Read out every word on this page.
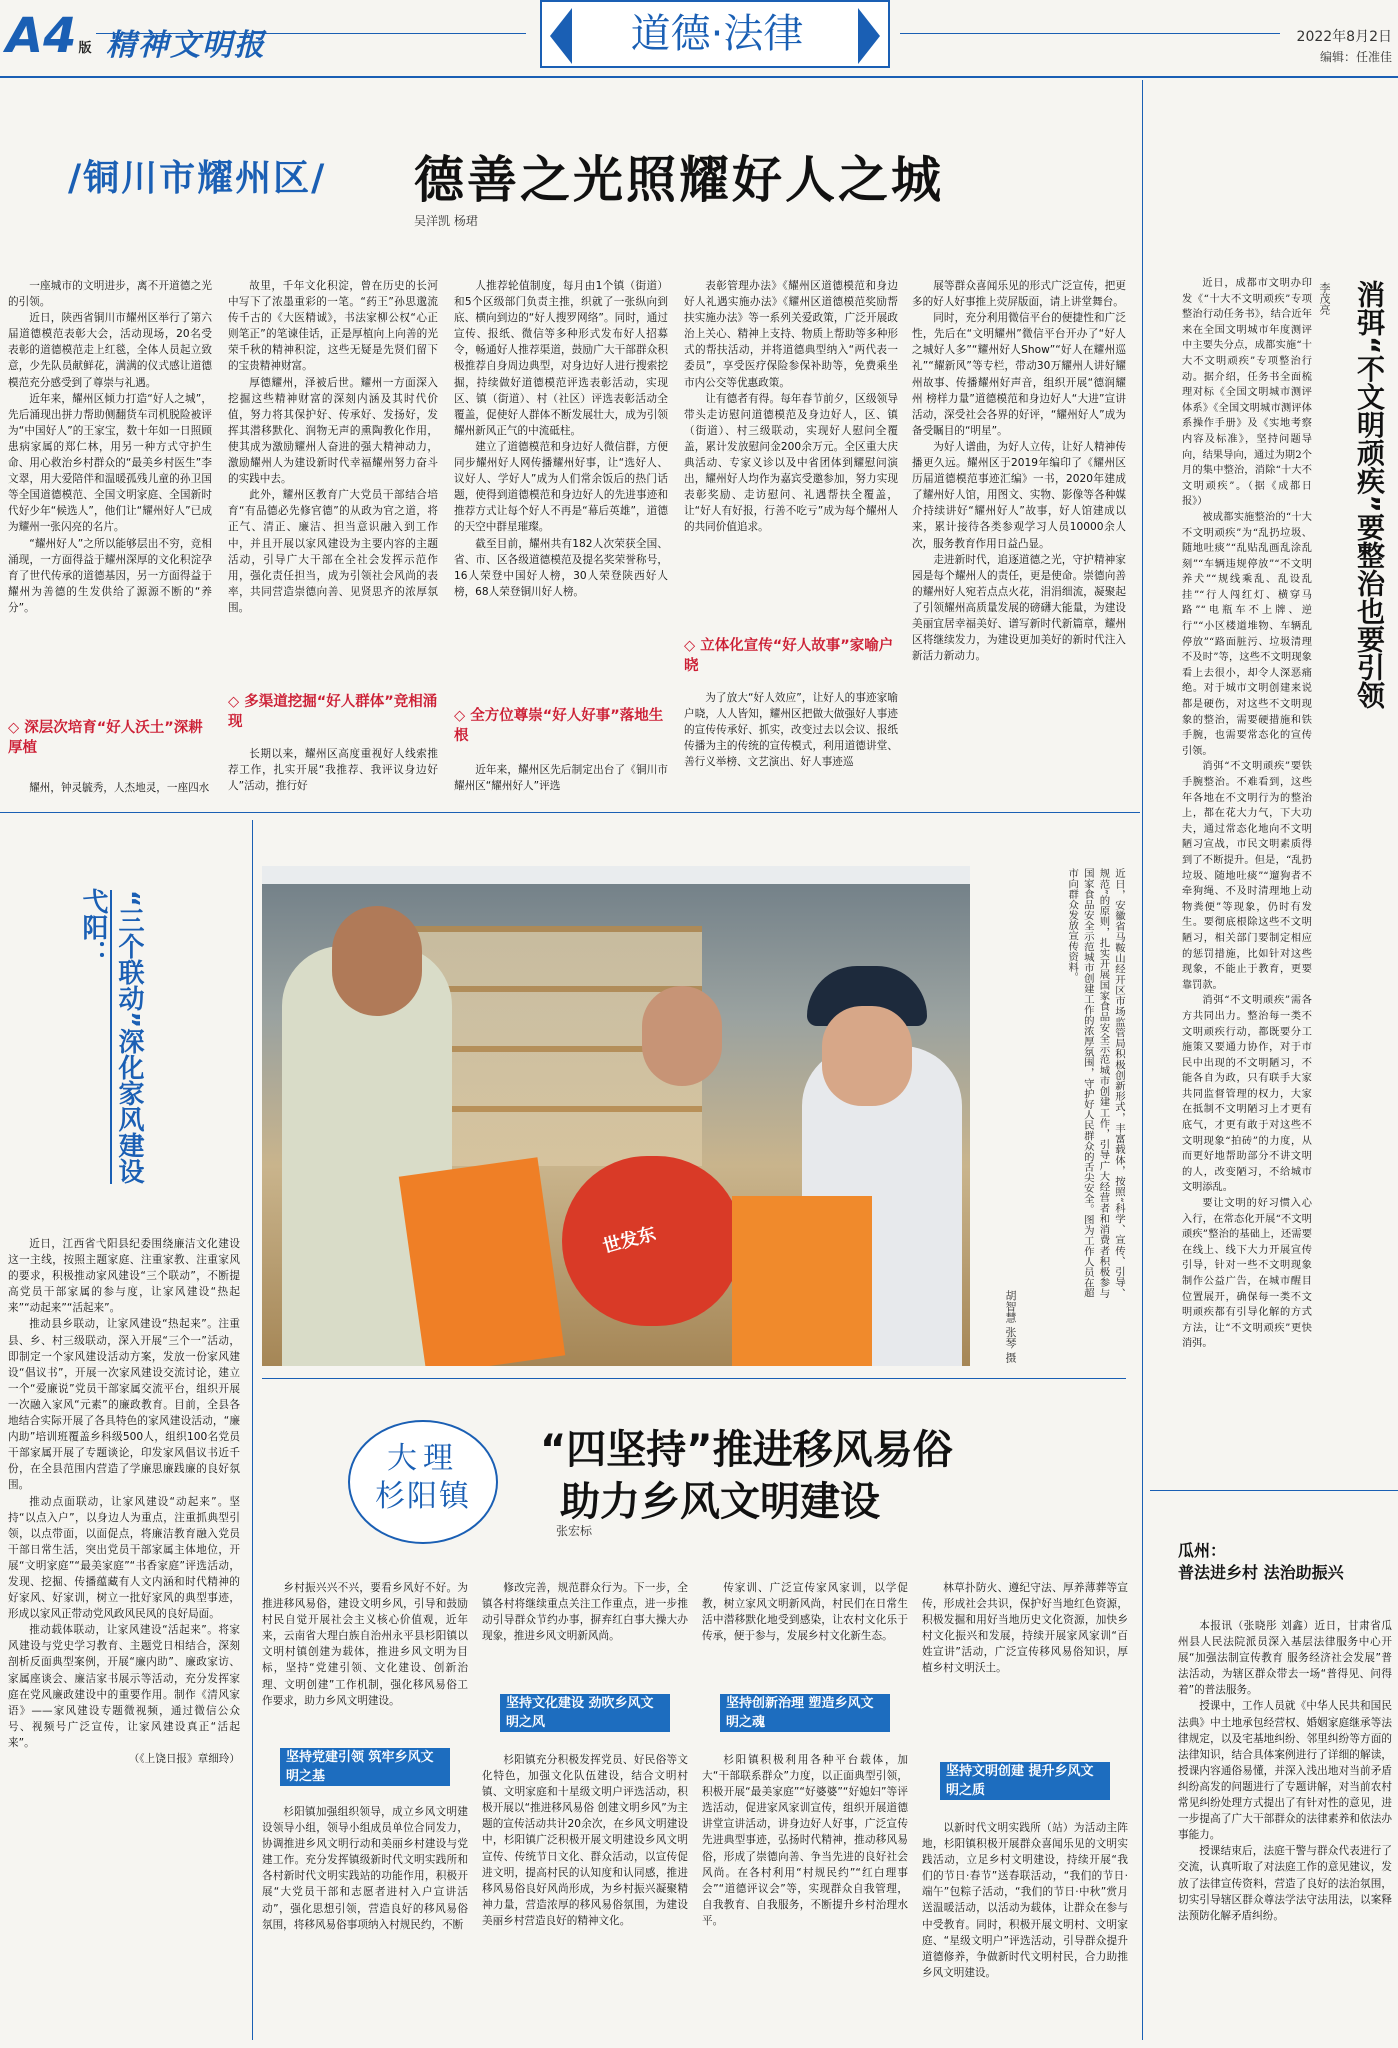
A4 版 精神文明报	道德·法律	2022年8月2日
编辑：任准佳
/铜川市耀州区/ 德善之光照耀好人之城
吴洋凯 杨珺

一座城市的文明进步，离不开道德之光的引领。

近日，陕西省铜川市耀州区举行了第六届道德模范表彰大会，活动现场，20名受表彰的道德模范走上红毯，全体人员起立致意，少先队员献鲜花，满满的仪式感让道德模范充分感受到了尊崇与礼遇。

近年来，耀州区倾力打造“好人之城”，先后涌现出拼力帮助侧翻货车司机脱险被评为“中国好人”的王家宝，数十年如一日照顾患病家属的郑仁林，用另一种方式守护生命、用心救治乡村群众的“最美乡村医生”李文翠，用大爱陪伴和温暖孤残儿童的孙卫国等全国道德模范、全国文明家庭、全国新时代好少年“候选人”，他们让“耀州好人”已成为耀州一张闪亮的名片。

“耀州好人”之所以能够层出不穷，竞相涌现，一方面得益于耀州深厚的文化积淀孕育了世代传承的道德基因，另一方面得益于耀州为善德的生发供给了源源不断的“养分”。

◇ 深层次培育“好人沃土”深耕厚植

耀州，钟灵毓秀，人杰地灵，一座四水

故里，千年文化积淀，曾在历史的长河中写下了浓墨重彩的一笔。“药王”孙思邈流传千古的《大医精诚》，书法家柳公权“心正则笔正”的笔谏佳话，正是厚植向上向善的光荣千秋的精神积淀，这些无疑是先贤们留下的宝贵精神财富。

厚德耀州，泽被后世。耀州一方面深入挖掘这些精神财富的深刻内涵及其时代价值，努力将其保护好、传承好、发扬好，发挥其潜移默化、润物无声的熏陶教化作用，使其成为激励耀州人奋进的强大精神动力，激励耀州人为建设新时代幸福耀州努力奋斗的实践中去。

此外，耀州区教育广大党员干部结合培育“有品德必先修官德”的从政为官之道，将正气、清正、廉洁、担当意识融入到工作中，并且开展以家风建设为主要内容的主题活动，引导广大干部在全社会发挥示范作用，强化责任担当，成为引领社会风尚的表率，共同营造崇德向善、见贤思齐的浓厚氛围。

◇ 多渠道挖掘“好人群体”竞相涌现

长期以来，耀州区高度重视好人线索推荐工作，扎实开展“我推荐、我评议身边好人”活动，推行好

人推荐轮值制度，每月由1个镇（街道）和5个区级部门负责主推，织就了一张纵向到底、横向到边的“好人搜罗网络”。同时，通过宣传、报纸、微信等多种形式发布好人招募令，畅通好人推荐渠道，鼓励广大干部群众积极推荐自身周边典型，对身边好人进行搜索挖掘，持续做好道德模范评选表彰活动，实现区、镇（街道）、村（社区）评选表彰活动全覆盖，促使好人群体不断发展壮大，成为引领耀州新风正气的中流砥柱。

建立了道德模范和身边好人微信群，方便同步耀州好人网传播耀州好事，让“选好人、议好人、学好人”成为人们常余饭后的热门话题，使得到道德模范和身边好人的先进事迹和推荐方式让每个好人不再是“幕后英雄”，道德的天空中群星璀璨。

截至目前，耀州共有182人次荣获全国、省、市、区各级道德模范及提名奖荣誉称号，16人荣登中国好人榜，30人荣登陕西好人榜，68人荣登铜川好人榜。

◇ 全方位尊崇“好人好事”落地生根

近年来，耀州区先后制定出台了《铜川市耀州区“耀州好人”评选

表彰管理办法》《耀州区道德模范和身边好人礼遇实施办法》《耀州区道德模范奖励帮扶实施办法》等一系列关爱政策，广泛开展政治上关心、精神上支持、物质上帮助等多种形式的帮扶活动，并将道德典型纳入“两代表一委员”，享受医疗保险参保补助等，免费乘坐市内公交等优惠政策。

让有德者有得。每年春节前夕，区级领导带头走访慰问道德模范及身边好人，区、镇（街道）、村三级联动，实现好人慰问全覆盖，累计发放慰问金200余万元。全区重大庆典活动、专家义诊以及中省团体到耀慰问演出，耀州好人均作为嘉宾受邀参加，努力实现表彰奖励、走访慰问、礼遇帮扶全覆盖，让“好人有好报，行善不吃亏”成为每个耀州人的共同价值追求。

◇ 立体化宣传“好人故事”家喻户晓

为了放大“好人效应”，让好人的事迹家喻户晓，人人皆知，耀州区把做大做强好人事迹的宣传传承好、抓实，改变过去以会议、报纸传播为主的传统的宣传模式，利用道德讲堂、善行义举榜、文艺演出、好人事迹巡

展等群众喜闻乐见的形式广泛宣传，把更多的好人好事推上荧屏版面，请上讲堂舞台。

同时，充分利用微信平台的便捷性和广泛性，先后在“文明耀州”微信平台开办了“好人之城好人多”“耀州好人Show”“好人在耀州巡礼”“耀新风”等专栏，带动30万耀州人讲好耀州故事、传播耀州好声音，组织开展“德润耀州 榜样力量”道德模范和身边好人“大进”宣讲活动，深受社会各界的好评，“耀州好人”成为备受瞩目的“明星”。

为好人谱曲，为好人立传，让好人精神传播更久远。耀州区于2019年编印了《耀州区历届道德模范事迹汇编》一书，2020年建成了耀州好人馆，用图文、实物、影像等各种媒介持续讲好“耀州好人”故事，好人馆建成以来，累计接待各类参观学习人员10000余人次，服务教育作用日益凸显。

走进新时代，追逐道德之光，守护精神家园是每个耀州人的责任，更是使命。崇德向善的耀州好人宛若点点火花，涓涓细流，凝聚起了引领耀州高质量发展的磅礴大能量，为建设美丽宜居幸福美好、谱写新时代新篇章，耀州区将继续发力，为建设更加美好的新时代注入新活力新动力。	消弭“不文明顽疾”要整治也要引领
李茂亮

近日，成都市文明办印发《“十大不文明顽疾”专项整治行动任务书》，结合近年来在全国文明城市年度测评中主要失分点，成都实施“十大不文明顽疾”专项整治行动。据介绍，任务书全面梳理对标《全国文明城市测评体系》《全国文明城市测评体系操作手册》及《实地考察内容及标准》，坚持问题导向，结果导向，通过为期2个月的集中整治，消除“十大不文明顽疾”。（据《成都日报》）

被成都实施整治的“十大不文明顽疾”为“乱扔垃圾、随地吐痰”“乱贴乱画乱涂乱刻”“车辆违规停放”“不文明养犬”“规线乘乱、乱设乱挂”“行人闯红灯、横穿马路”“电瓶车不上牌、逆行”“小区楼道堆物、车辆乱停放”“路面脏污、垃圾清理不及时”等，这些不文明现象看上去很小，却令人深恶痛绝。对于城市文明创建来说都是硬伤，对这些不文明现象的整治，需要硬措施和铁手腕，也需要常态化的宣传引领。

消弭“不文明顽疾”要铁手腕整治。不难看到，这些年各地在不文明行为的整治上，都在花大力气，下大功夫，通过常态化地向不文明陋习宣战，市民文明素质得到了不断提升。但是，“乱扔垃圾、随地吐痰”“遛狗者不牵狗绳、不及时清理地上动物粪便”等现象，仍时有发生。要彻底根除这些不文明陋习，相关部门要制定相应的惩罚措施，比如针对这些现象，不能止于教育，更要靠罚款。

消弭“不文明顽疾”需各方共同出力。整治每一类不文明顽疾行动，都既要分工施策又要通力协作，对于市民中出现的不文明陋习，不能各自为政，只有联手大家共同监督管理的权力，大家在抵制不文明陋习上才更有底气，才更有敢于对这些不文明现象“拍砖”的力度，从而更好地帮助部分不讲文明的人，改变陋习，不给城市文明添乱。

要让文明的好习惯入心入行，在常态化开展“不文明顽疾”整治的基础上，还需要在线上、线下大力开展宣传引导，针对一些不文明现象制作公益广告，在城市醒目位置展开，确保每一类不文明顽疾都有引导化解的方式方法，让“不文明顽疾”更快消弭。

“三个联动”深化家风建设
弋阳：

近日，江西省弋阳县纪委围绕廉洁文化建设这一主线，按照主题家庭、注重家教、注重家风的要求，积极推动家风建设“三个联动”，不断提高党员干部家属的参与度，让家风建设“热起来”“动起来”“活起来”。

推动县乡联动，让家风建设“热起来”。注重县、乡、村三级联动，深入开展“三个一”活动，即制定一个家风建设活动方案，发放一份家风建设“倡议书”，开展一次家风建设交流讨论，建立一个“爱廉说”党员干部家属交流平台，组织开展一次融入家风“元素”的廉政教育。目前，全县各地结合实际开展了各具特色的家风建设活动，“廉内助”培训班覆盖乡科级500人，组织100名党员干部家属开展了专题谈论，印发家风倡议书近千份，在全县范围内营造了学廉思廉践廉的良好氛围。

推动点面联动，让家风建设“动起来”。坚持“以点入户”，以身边人为重点，注重抓典型引领，以点带面，以面促点，将廉洁教育融入党员干部日常生活，突出党员干部家属主体地位，开展“文明家庭”“最美家庭”“书香家庭”评选活动，发现、挖掘、传播蕴藏有人文内涵和时代精神的好家风、好家训，树立一批好家风的典型事迹，形成以家风正带动党风政风民风的良好局面。

推动载体联动，让家风建设“活起来”。将家风建设与党史学习教育、主题党日相结合，深刻剖析反面典型案例，开展“廉内助”、廉政家访、家属座谈会、廉洁家书展示等活动，充分发挥家庭在党风廉政建设中的重要作用。制作《清风家语》——家风建设专题微视频，通过微信公众号、视频号广泛宣传，让家风建设真正“活起来”。

（《上饶日报》章细玲）

世发东	近日，安徽省马鞍山经开区市场监管局积极创新形式，丰富载体，按照“科学、宣传、引导、规范”的原则，扎实开展国家食品安全示范城市创建工作，引导广大经营者和消费者积极参与国家食品安全示范城市创建工作的浓厚氛围，守护好人民群众的舌尖安全。图为工作人员在超市向群众发放宣传资料。
胡智慧 张琴 摄
大理
杉阳镇
“四坚持”推进移风易俗
助力乡风文明建设
张宏标

乡村振兴兴不兴，要看乡风好不好。为推进移风易俗，建设文明乡风，引导和鼓励村民自觉开展社会主义核心价值观，近年来，云南省大理白族自治州永平县杉阳镇以文明村镇创建为载体，推进乡风文明为目标，坚持“党建引领、文化建设、创新治理、文明创建”工作机制，强化移风易俗工作要求，助力乡风文明建设。

坚持党建引领 筑牢乡风文明之基

杉阳镇加强组织领导，成立乡风文明建设领导小组，领导小组成员单位合同发力，协调推进乡风文明行动和美丽乡村建设与党建工作。充分发挥镇级新时代文明实践所和各村新时代文明实践站的功能作用，积极开展“大党员干部和志愿者进村入户宣讲活动”，强化思想引领，营造良好的移风易俗氛围，将移风易俗事项纳入村规民约，不断

修改完善，规范群众行为。下一步，全镇各村将继续重点关注工作重点，进一步推动引导群众节约办事，摒弃红白事大操大办现象，推进乡风文明新风尚。

坚持文化建设 劲吹乡风文明之风

杉阳镇充分积极发挥党员、好民俗等文化特色，加强文化队伍建设，结合文明村镇、文明家庭和十星级文明户评选活动，积极开展以“推进移风易俗 创建文明乡风”为主题的宣传活动共计20余次，在乡风文明建设中，杉阳镇广泛积极开展文明建设乡风文明宣传、传统节日文化、群众活动，以宣传促进文明，提高村民的认知度和认同感，推进移风易俗良好风尚形成，为乡村振兴凝聚精神力量，营造浓厚的移风易俗氛围，为建设美丽乡村营造良好的精神文化。

传家训、广泛宣传家风家训，以学促教，树立家风文明新风尚，村民们在日常生活中潜移默化地受到感染，让农村文化乐于传承，便于参与，发展乡村文化新生态。

坚持创新治理 塑造乡风文明之魂

杉阳镇积极利用各种平台载体，加大“干部联系群众”力度，以正面典型引领，积极开展“最美家庭”“好婆婆”“好媳妇”等评选活动，促进家风家训宣传，组织开展道德讲堂宣讲活动，讲身边好人好事，广泛宣传先进典型事迹，弘扬时代精神，推动移风易俗，形成了崇德向善、争当先进的良好社会风尚。在各村利用“村规民约”“红白理事会”“道德评议会”等，实现群众自我管理，自我教育、自我服务，不断提升乡村治理水平。

林草扑防火、遵纪守法、厚养薄葬等宣传，形成社会共识，保护好当地红色资源，积极发掘和用好当地历史文化资源，加快乡村文化振兴和发展，持续开展家风家训“百姓宣讲”活动，广泛宣传移风易俗知识，厚植乡村文明沃土。

坚持文明创建 提升乡风文明之质

以新时代文明实践所（站）为活动主阵地，杉阳镇积极开展群众喜闻乐见的文明实践活动，立足乡村文明建设，持续开展“我们的节日·春节”送春联活动，“我们的节日·端午”包粽子活动，“我们的节日·中秋”赏月送温暖活动，以活动为载体，让群众在参与中受教育。同时，积极开展文明村、文明家庭、“星级文明户”评选活动，引导群众提升道德修养，争做新时代文明村民，合力助推乡风文明建设。

瓜州：
普法进乡村 法治助振兴

本报讯（张晓彤 刘鑫）近日，甘肃省瓜州县人民法院派员深入基层法律服务中心开展“加强法制宣传教育 服务经济社会发展”普法活动，为辖区群众带去一场“普得见、问得着”的普法服务。

授课中，工作人员就《中华人民共和国民法典》中土地承包经营权、婚姻家庭继承等法律规定，以及宅基地纠纷、邻里纠纷等方面的法律知识，结合具体案例进行了详细的解读，授课内容通俗易懂，并深入浅出地对当前矛盾纠纷高发的问题进行了专题讲解，对当前农村常见纠纷处理方式提出了有针对性的意见，进一步提高了广大干部群众的法律素养和依法办事能力。

授课结束后，法庭干警与群众代表进行了交流，认真听取了对法庭工作的意见建议，发放了法律宣传资料，营造了良好的法治氛围，切实引导辖区群众尊法学法守法用法，以案释法预防化解矛盾纠纷。
